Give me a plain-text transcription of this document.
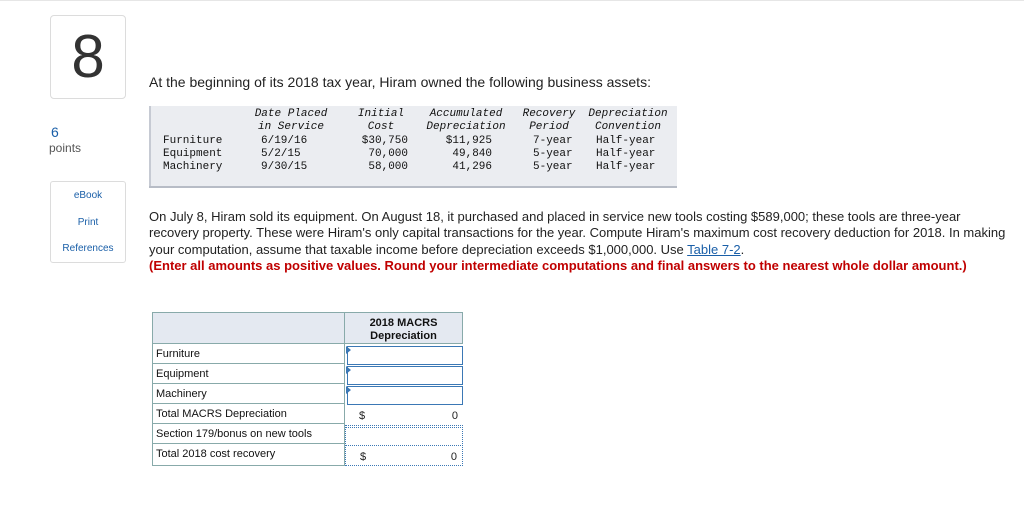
8
6
points
eBook
Print
References
At the beginning of its 2018 tax year, Hiram owned the following business assets:
Date Placed
in Service
Initial
Cost
Accumulated
Depreciation
Recovery
Period
Depreciation
Convention
Furniture
Equipment
Machinery
6/19/16
5/2/15
9/30/15
$30,750
70,000
58,000
$11,925
49,840
41,296
7-year
5-year
5-year
Half-year
Half-year
Half-year
On July 8, Hiram sold its equipment. On August 18, it purchased and placed in service new tools costing $589,000; these tools are three-year recovery property. These were Hiram's only capital transactions for the year. Compute Hiram's maximum cost recovery deduction for 2018. In making your computation, assume that taxable income before depreciation exceeds $1,000,000. Use Table 7-2.
(Enter all amounts as positive values. Round your intermediate computations and final answers to the nearest whole dollar amount.)
2018 MACRS Depreciation
Furniture
Equipment
Machinery
Total MACRS Depreciation
Section 179/bonus on new tools
Total 2018 cost recovery
$	0
$	0
